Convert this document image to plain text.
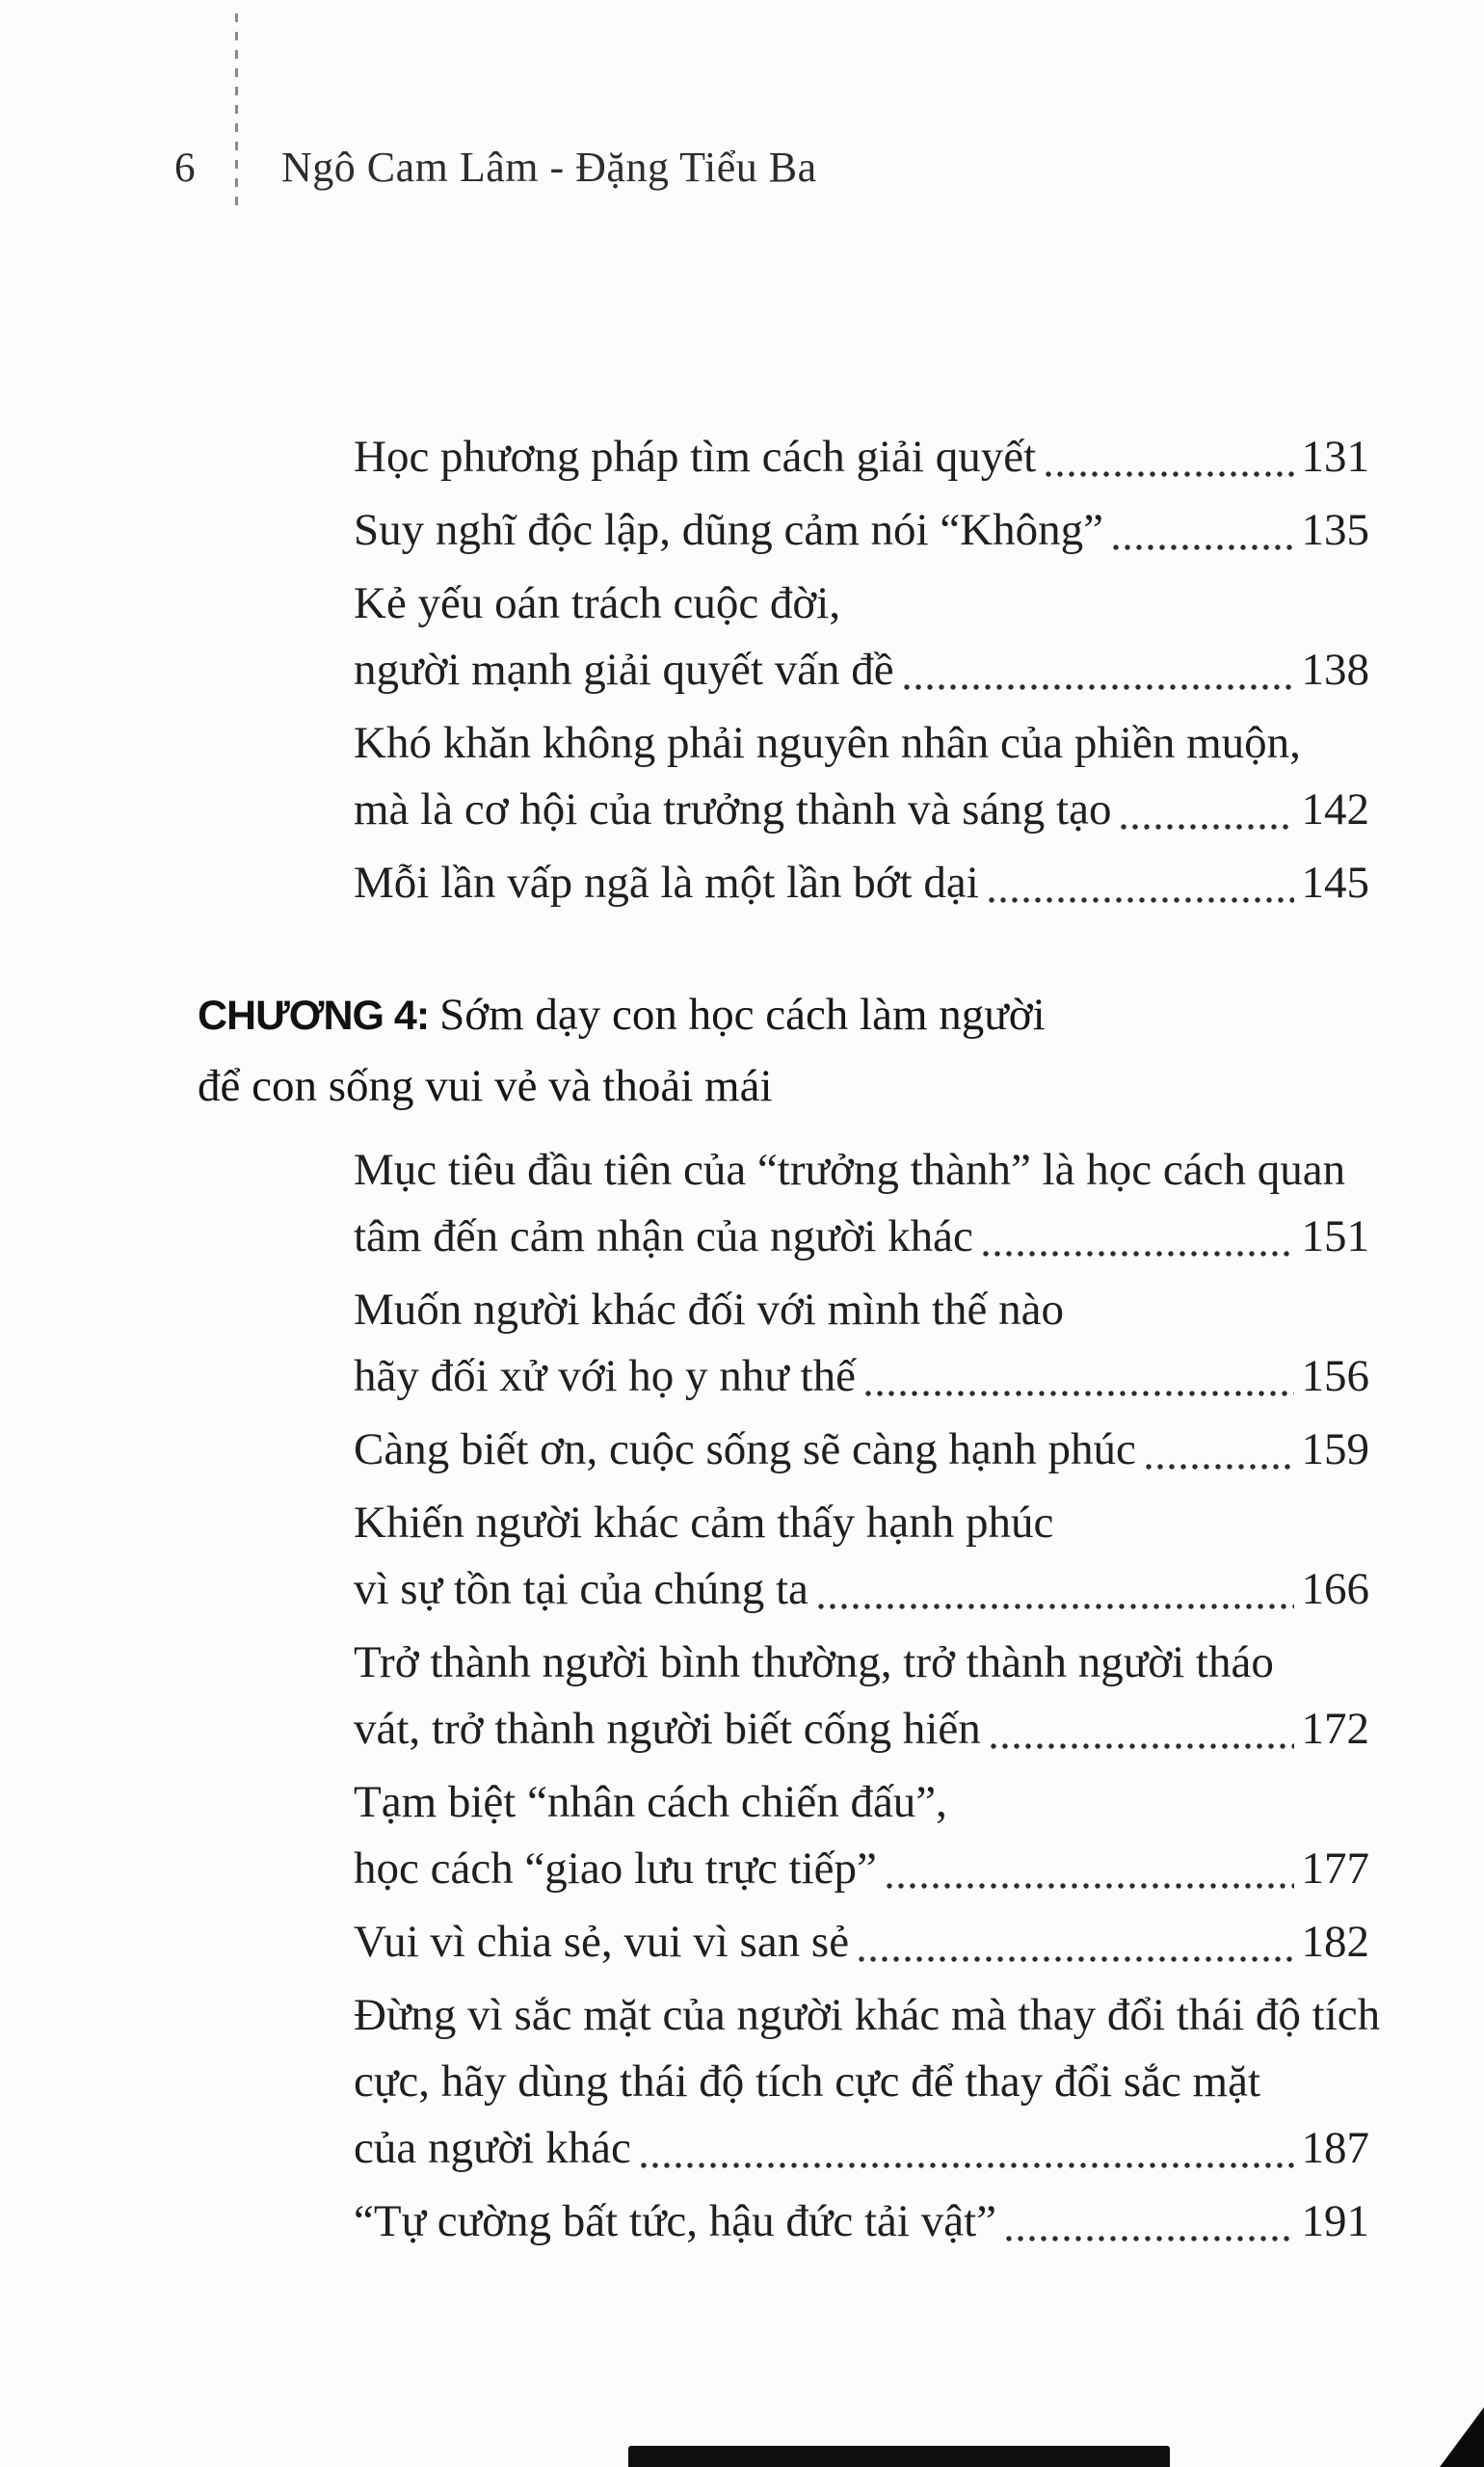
6 Ngô Cam Lâm - Đặng Tiểu Ba
Học phương pháp tìm cách giải quyết	131
Suy nghĩ độc lập, dũng cảm nói “Không”	135
Kẻ yếu oán trách cuộc đời,
người mạnh giải quyết vấn đề	138
Khó khăn không phải nguyên nhân của phiền muộn,
mà là cơ hội của trưởng thành và sáng tạo	142
Mỗi lần vấp ngã là một lần bớt dại	145
CHƯƠNG 4: Sớm dạy con học cách làm người
để con sống vui vẻ và thoải mái
Mục tiêu đầu tiên của “trưởng thành” là học cách quan
tâm đến cảm nhận của người khác	151
Muốn người khác đối với mình thế nào
hãy đối xử với họ y như thế	156
Càng biết ơn, cuộc sống sẽ càng hạnh phúc	159
Khiến người khác cảm thấy hạnh phúc
vì sự tồn tại của chúng ta	166
Trở thành người bình thường, trở thành người tháo
vát, trở thành người biết cống hiến	172
Tạm biệt “nhân cách chiến đấu”,
học cách “giao lưu trực tiếp”	177
Vui vì chia sẻ, vui vì san sẻ	182
Đừng vì sắc mặt của người khác mà thay đổi thái độ tích
cực, hãy dùng thái độ tích cực để thay đổi sắc mặt
của người khác	187
“Tự cường bất tức, hậu đức tải vật”	191
